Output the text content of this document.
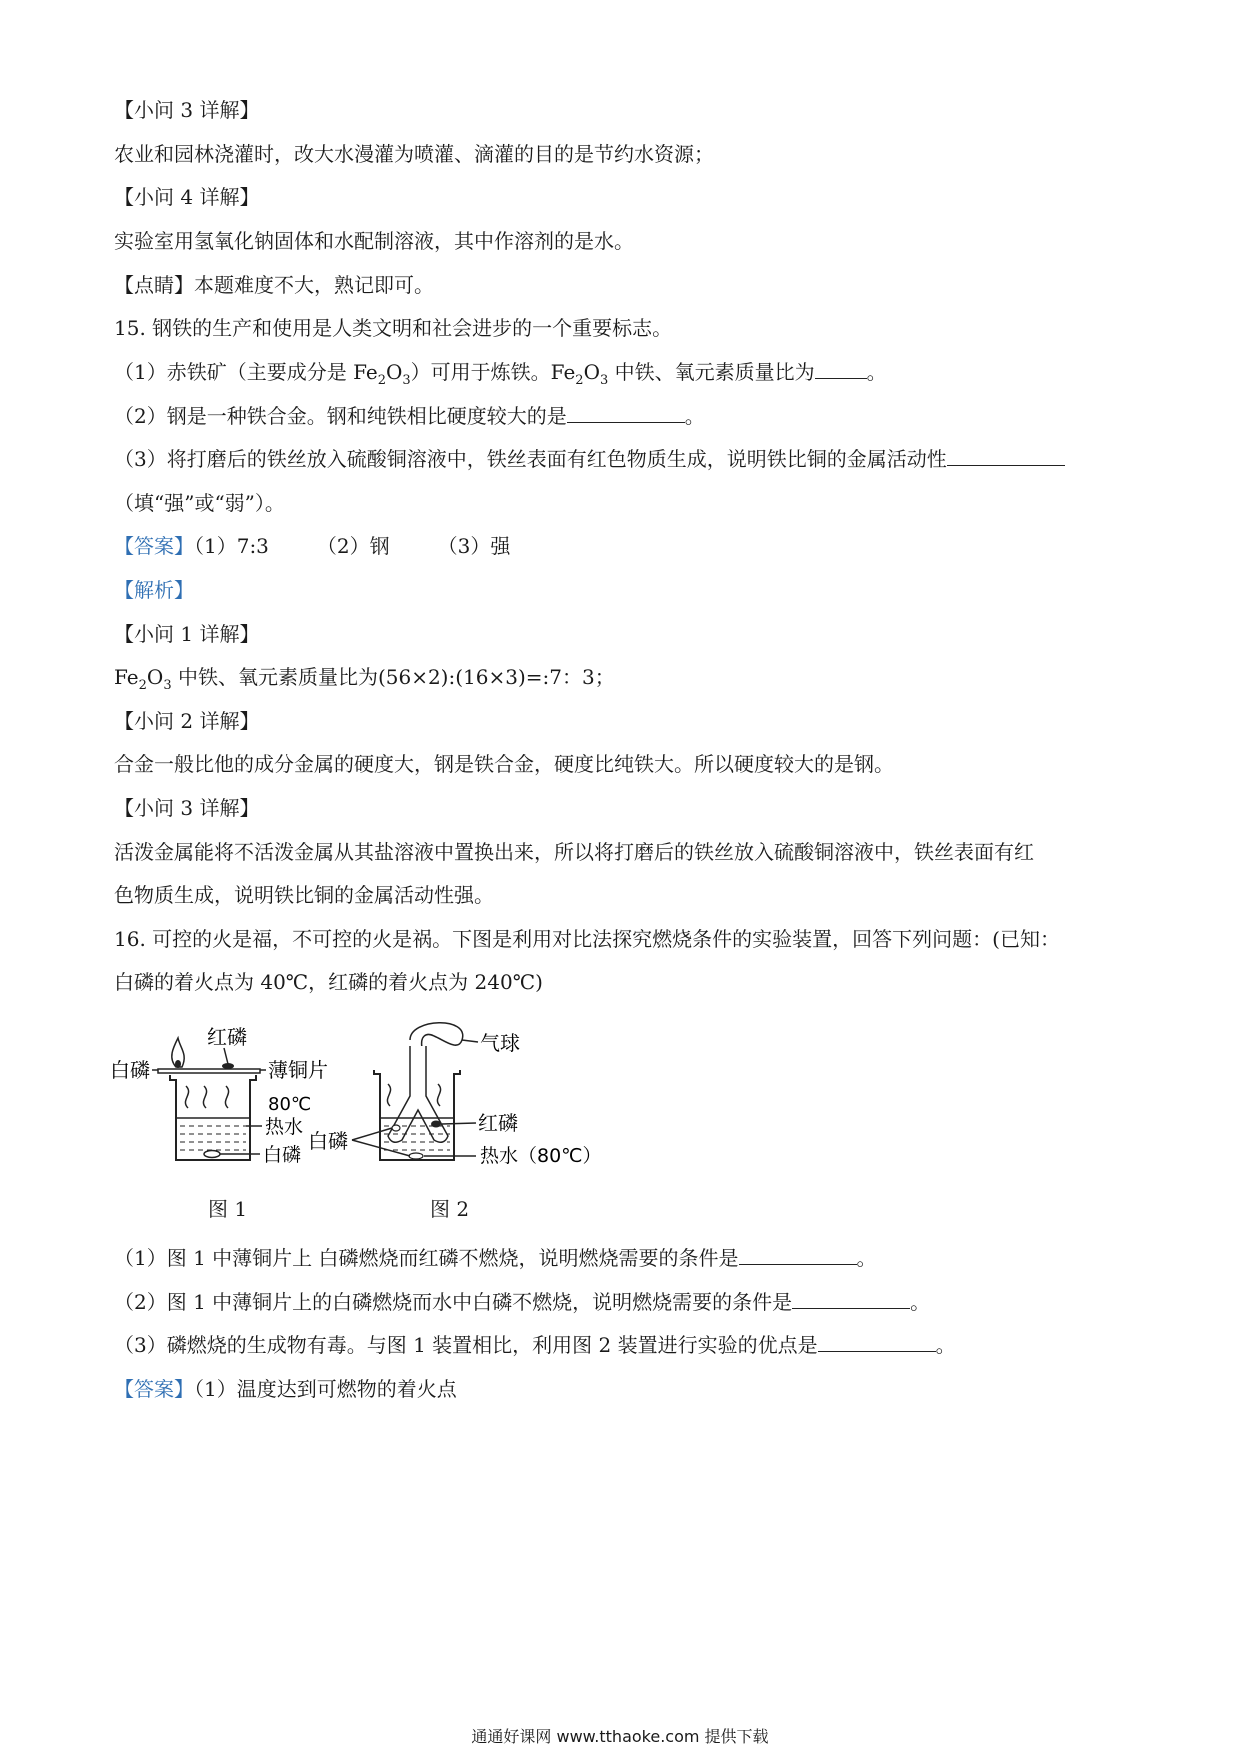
【小问 3 详解】
农业和园林浇灌时，改大水漫灌为喷灌、滴灌的目的是节约水资源；
【小问 4 详解】
实验室用氢氧化钠固体和水配制溶液，其中作溶剂的是水。
【点睛】本题难度不大，熟记即可。
15. 钢铁的生产和使用是人类文明和社会进步的一个重要标志。
（1）赤铁矿（主要成分是 $Fe_2O_3$）可用于炼铁。$Fe_2O_3$ 中铁、氧元素质量比为	。
（2）钢是一种铁合金。钢和纯铁相比硬度较大的是	。
（3）将打磨后的铁丝放入硫酸铜溶液中，铁丝表面有红色物质生成，说明铁比铜的金属活动性
（填“强”或“弱”）。
【答案】（1）7:3 （2）钢 （3）强
【解析】
【小问 1 详解】
$Fe_2O_3$ 中铁、氧元素质量比为(56×2):(16×3)=:7：3；
【小问 2 详解】
合金一般比他的成分金属的硬度大，钢是铁合金，硬度比纯铁大。所以硬度较大的是钢。
【小问 3 详解】
活泼金属能将不活泼金属从其盐溶液中置换出来，所以将打磨后的铁丝放入硫酸铜溶液中，铁丝表面有红
色物质生成，说明铁比铜的金属活动性强。
16. 可控的火是福，不可控的火是祸。下图是利用对比法探究燃烧条件的实验装置，回答下列问题：(已知：
白磷的着火点为 40℃，红磷的着火点为 240℃)
红磷
白磷	薄铜片
80℃
热水
白磷
图 1
气球
红磷
白磷
热水（80℃）
图 2
（1）图 1 中薄铜片上 白磷燃烧而红磷不燃烧，说明燃烧需要的条件是	。
（2）图 1 中薄铜片上的白磷燃烧而水中白磷不燃烧，说明燃烧需要的条件是	。
（3）磷燃烧的生成物有毒。与图 1 装置相比，利用图 2 装置进行实验的优点是	。
【答案】（1）温度达到可燃物的着火点
通通好课网 www.tthaoke.com 提供下载
